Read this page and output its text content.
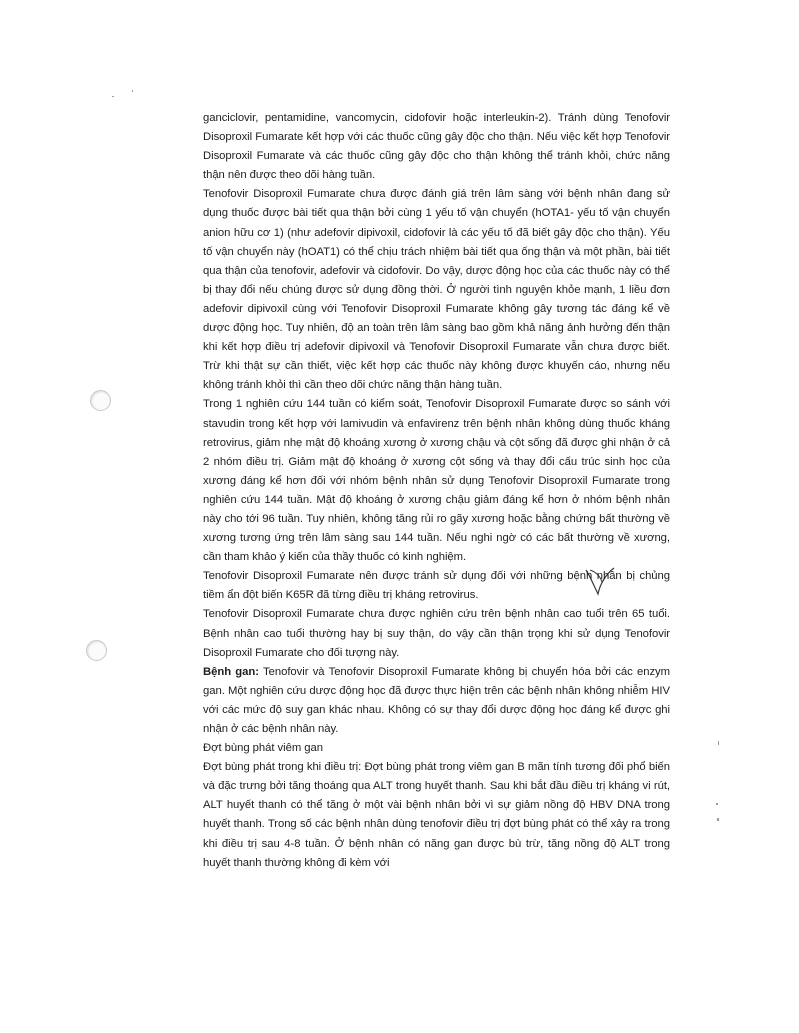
ganciclovir, pentamidine, vancomycin, cidofovir hoặc interleukin-2). Tránh dùng Tenofovir Disoproxil Fumarate kết hợp với các thuốc cũng gây độc cho thận. Nếu việc kết hợp Tenofovir Disoproxil Fumarate và các thuốc cũng gây độc cho thận không thể tránh khỏi, chức năng thận nên được theo dõi hàng tuần.

Tenofovir Disoproxil Fumarate chưa được đánh giá trên lâm sàng với bệnh nhân đang sử dụng thuốc được bài tiết qua thận bởi cùng 1 yếu tố vận chuyển (hOTA1- yếu tố vận chuyển anion hữu cơ 1) (như adefovir dipivoxil, cidofovir là các yếu tố đã biết gây độc cho thận). Yếu tố vận chuyển này (hOAT1) có thể chịu trách nhiệm bài tiết qua ống thận và một phần, bài tiết qua thận của tenofovir, adefovir và cidofovir. Do vậy, dược động học của các thuốc này có thể bị thay đổi nếu chúng được sử dụng đồng thời. Ở người tình nguyện khỏe mạnh, 1 liều đơn adefovir dipivoxil cùng với Tenofovir Disoproxil Fumarate không gây tương tác đáng kể về dược động học. Tuy nhiên, độ an toàn trên lâm sàng bao gồm khả năng ảnh hưởng đến thận khi kết hợp điều trị adefovir dipivoxil và Tenofovir Disoproxil Fumarate vẫn chưa được biết. Trừ khi thật sự cần thiết, việc kết hợp các thuốc này không được khuyến cáo, nhưng nếu không tránh khỏi thì cần theo dõi chức năng thận hàng tuần.

Trong 1 nghiên cứu 144 tuần có kiểm soát, Tenofovir Disoproxil Fumarate được so sánh với stavudin trong kết hợp với lamivudin và enfavirenz trên bệnh nhân không dùng thuốc kháng retrovirus, giảm nhẹ mật độ khoáng xương ở xương chậu và cột sống đã được ghi nhận ở cả 2 nhóm điều trị. Giảm mật độ khoáng ở xương cột sống và thay đổi cấu trúc sinh học của xương đáng kể hơn đối với nhóm bệnh nhân sử dụng Tenofovir Disoproxil Fumarate trong nghiên cứu 144 tuần. Mật độ khoáng ở xương chậu giảm đáng kể hơn ở nhóm bệnh nhân này cho tới 96 tuần. Tuy nhiên, không tăng rủi ro gãy xương hoặc bằng chứng bất thường về xương tương ứng trên lâm sàng sau 144 tuần. Nếu nghi ngờ có các bất thường về xương, cần tham khảo ý kiến của thầy thuốc có kinh nghiệm.

Tenofovir Disoproxil Fumarate nên được tránh sử dụng đối với những bệnh nhân bị chủng tiềm ẩn đột biến K65R đã từng điều trị kháng retrovirus.

Tenofovir Disoproxil Fumarate chưa được nghiên cứu trên bệnh nhân cao tuổi trên 65 tuổi. Bệnh nhân cao tuổi thường hay bị suy thận, do vậy cần thận trọng khi sử dụng Tenofovir Disoproxil Fumarate cho đối tượng này.

Bệnh gan: Tenofovir và Tenofovir Disoproxil Fumarate không bị chuyển hóa bởi các enzym gan. Một nghiên cứu dược động học đã được thực hiện trên các bệnh nhân không nhiễm HIV với các mức độ suy gan khác nhau. Không có sự thay đổi dược động học đáng kể được ghi nhận ở các bệnh nhân này.

Đợt bùng phát viêm gan

Đợt bùng phát trong khi điều trị: Đợt bùng phát trong viêm gan B mãn tính tương đối phổ biến và đặc trưng bởi tăng thoáng qua ALT trong huyết thanh. Sau khi bắt đầu điều trị kháng vi rút, ALT huyết thanh có thể tăng ở một vài bệnh nhân bởi vì sự giảm nồng độ HBV DNA trong huyết thanh. Trong số các bệnh nhân dùng tenofovir điều trị đợt bùng phát có thể xảy ra trong khi điều trị sau 4-8 tuần. Ở bệnh nhân có năng gan được bù trừ, tăng nồng độ ALT trong huyết thanh thường không đi kèm với
